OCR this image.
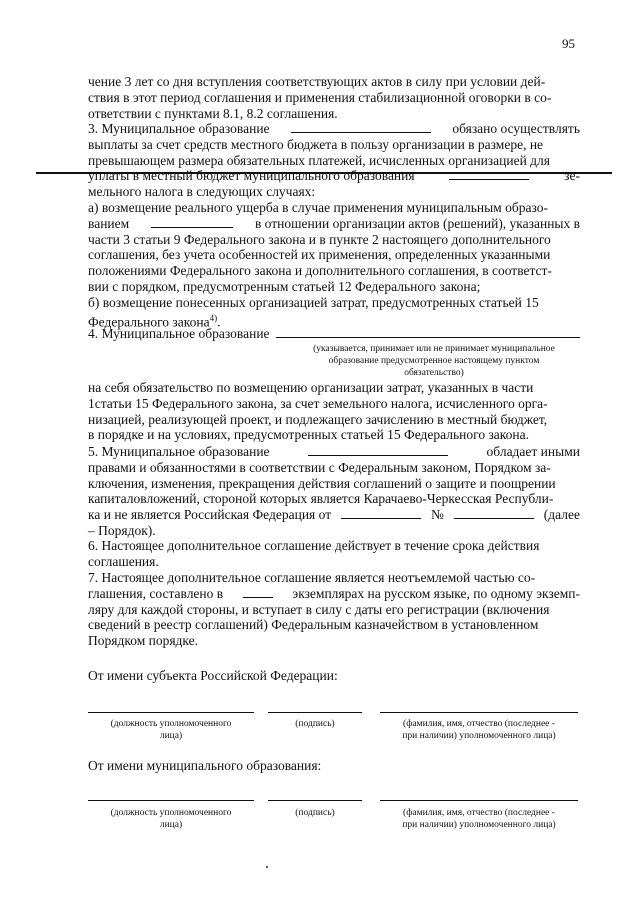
95

чение 3 лет со дня вступления соответствующих актов в силу при условии дей-
ствия в этот период соглашения и применения стабилизационной оговорки в со-
ответствии с пунктами 8.1, 8.2 соглашения.

3. Муниципальное образование	обязано осуществлять
выплаты за счет средств местного бюджета в пользу организации в размере, не
превышающем размера обязательных платежей, исчисленных организацией для
уплаты в местный бюджет муниципального образования	зе-
мельного налога в следующих случаях:
а) возмещение реального ущерба в случае применения муниципальным образо-
ванием	в отношении организации актов (решений), указанных в
части 3 статьи 9 Федерального закона и в пункте 2 настоящего дополнительного
соглашения, без учета особенностей их применения, определенных указанными
положениями Федерального закона и дополнительного соглашения, в соответст-
вии с порядком, предусмотренным статьей 12 Федерального закона;
б) возмещение понесенных организацией затрат, предусмотренных статьей 15
Федерального закона$^{4)}$.
4. Муниципальное образование
(указывается, принимает или не принимает муниципальное
образование предусмотренное настоящему пунктом
обязательство)
на себя обязательство по возмещению организации затрат, указанных в части
1статьи 15 Федерального закона, за счет земельного налога, исчисленного орга-
низацией, реализующей проект, и подлежащего зачислению в местный бюджет,
в порядке и на условиях, предусмотренных статьей 15 Федерального закона.
5. Муниципальное образование	обладает иными
правами и обязанностями в соответствии с Федеральным законом, Порядком за-
ключения, изменения, прекращения действия соглашений о защите и поощрении
капиталовложений, стороной которых является Карачаево-Черкесская Республи-
ка и не является Российская Федерация от	№	(далее
– Порядок).
6. Настоящее дополнительное соглашение действует в течение срока действия
соглашения.
7. Настоящее дополнительное соглашение является неотъемлемой частью со-
глашения, составлено в	экземплярах на русском языке, по одному экземп-
ляру для каждой стороны, и вступает в силу с даты его регистрации (включения
сведений в реестр соглашений) Федеральным казначейством в установленном
Порядком порядке.
От имени субъекта Российской Федерации:
(должность уполномоченного
лица)
(подпись)	(фамилия, имя, отчество (последнее -
при наличии) уполномоченного лица)
От имени муниципального образования:
(должность уполномоченного
лица)
(подпись)	(фамилия, имя, отчество (последнее -
при наличии) уполномоченного лица)
